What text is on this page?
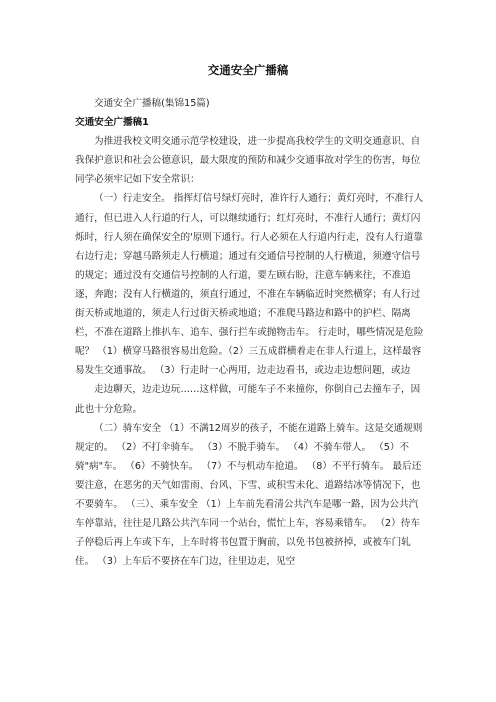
交通安全广播稿

交通安全广播稿(集锦15篇)

交通安全广播稿1

为推进我校文明交通示范学校建设，进一步提高我校学生的文明交通意识、自我保护意识和社会公德意识，最大限度的预防和减少交通事故对学生的伤害，每位同学必须牢记如下安全常识：

（一）行走安全。 指挥灯信号绿灯亮时，准许行人通行；黄灯亮时，不准行人通行，但已进入人行道的行人，可以继续通行；红灯亮时，不准行人通行；黄灯闪烁时，行人须在确保安全的'原则下通行。行人必须在人行道内行走，没有人行道靠右边行走；穿越马路须走人行横道；通过有交通信号控制的人行横道，须遵守信号的规定；通过没有交通信号控制的人行道，要左顾右盼，注意车辆来往，不准追逐，奔跑；没有人行横道的，须直行通过，不准在车辆临近时突然横穿；有人行过街天桥或地道的，须走人行过街天桥或地道；不准爬马路边和路中的护栏、隔离栏，不准在道路上推扒车、追车、强行拦车或抛物击车。 行走时，哪些情况是危险呢？ （1）横穿马路很容易出危险。（2）三五成群横着走在非人行道上，这样最容易发生交通事故。 （3）行走时一心两用，边走边看书，或边走边想问题，或边

走边聊天，边走边玩……这样做，可能车子不来撞你，你倒自己去撞车子，因此也十分危险。

（二）骑车安全 （1）不满12周岁的孩子，不能在道路上骑车。这是交通规则规定的。 （2）不打伞骑车。 （3）不脱手骑车。 （4）不骑车带人。 （5）不骑"病"车。 （6）不骑快车。 （7）不与机动车抢道。 （8）不平行骑车。 最后还要注意，在恶劣的天气如雷雨、台风、下雪、或积雪未化、道路结冰等情况下，也不要骑车。 （三）、乘车安全 （1）上车前先看清公共汽车是哪一路，因为公共汽车停靠站，往往是几路公共汽车同一个站台，慌忙上车，容易乘错车。 （2）待车子停稳后再上车或下车，上车时将书包置于胸前，以免书包被挤掉，或被车门轧住。 （3）上车后不要挤在车门边，往里边走，见空
